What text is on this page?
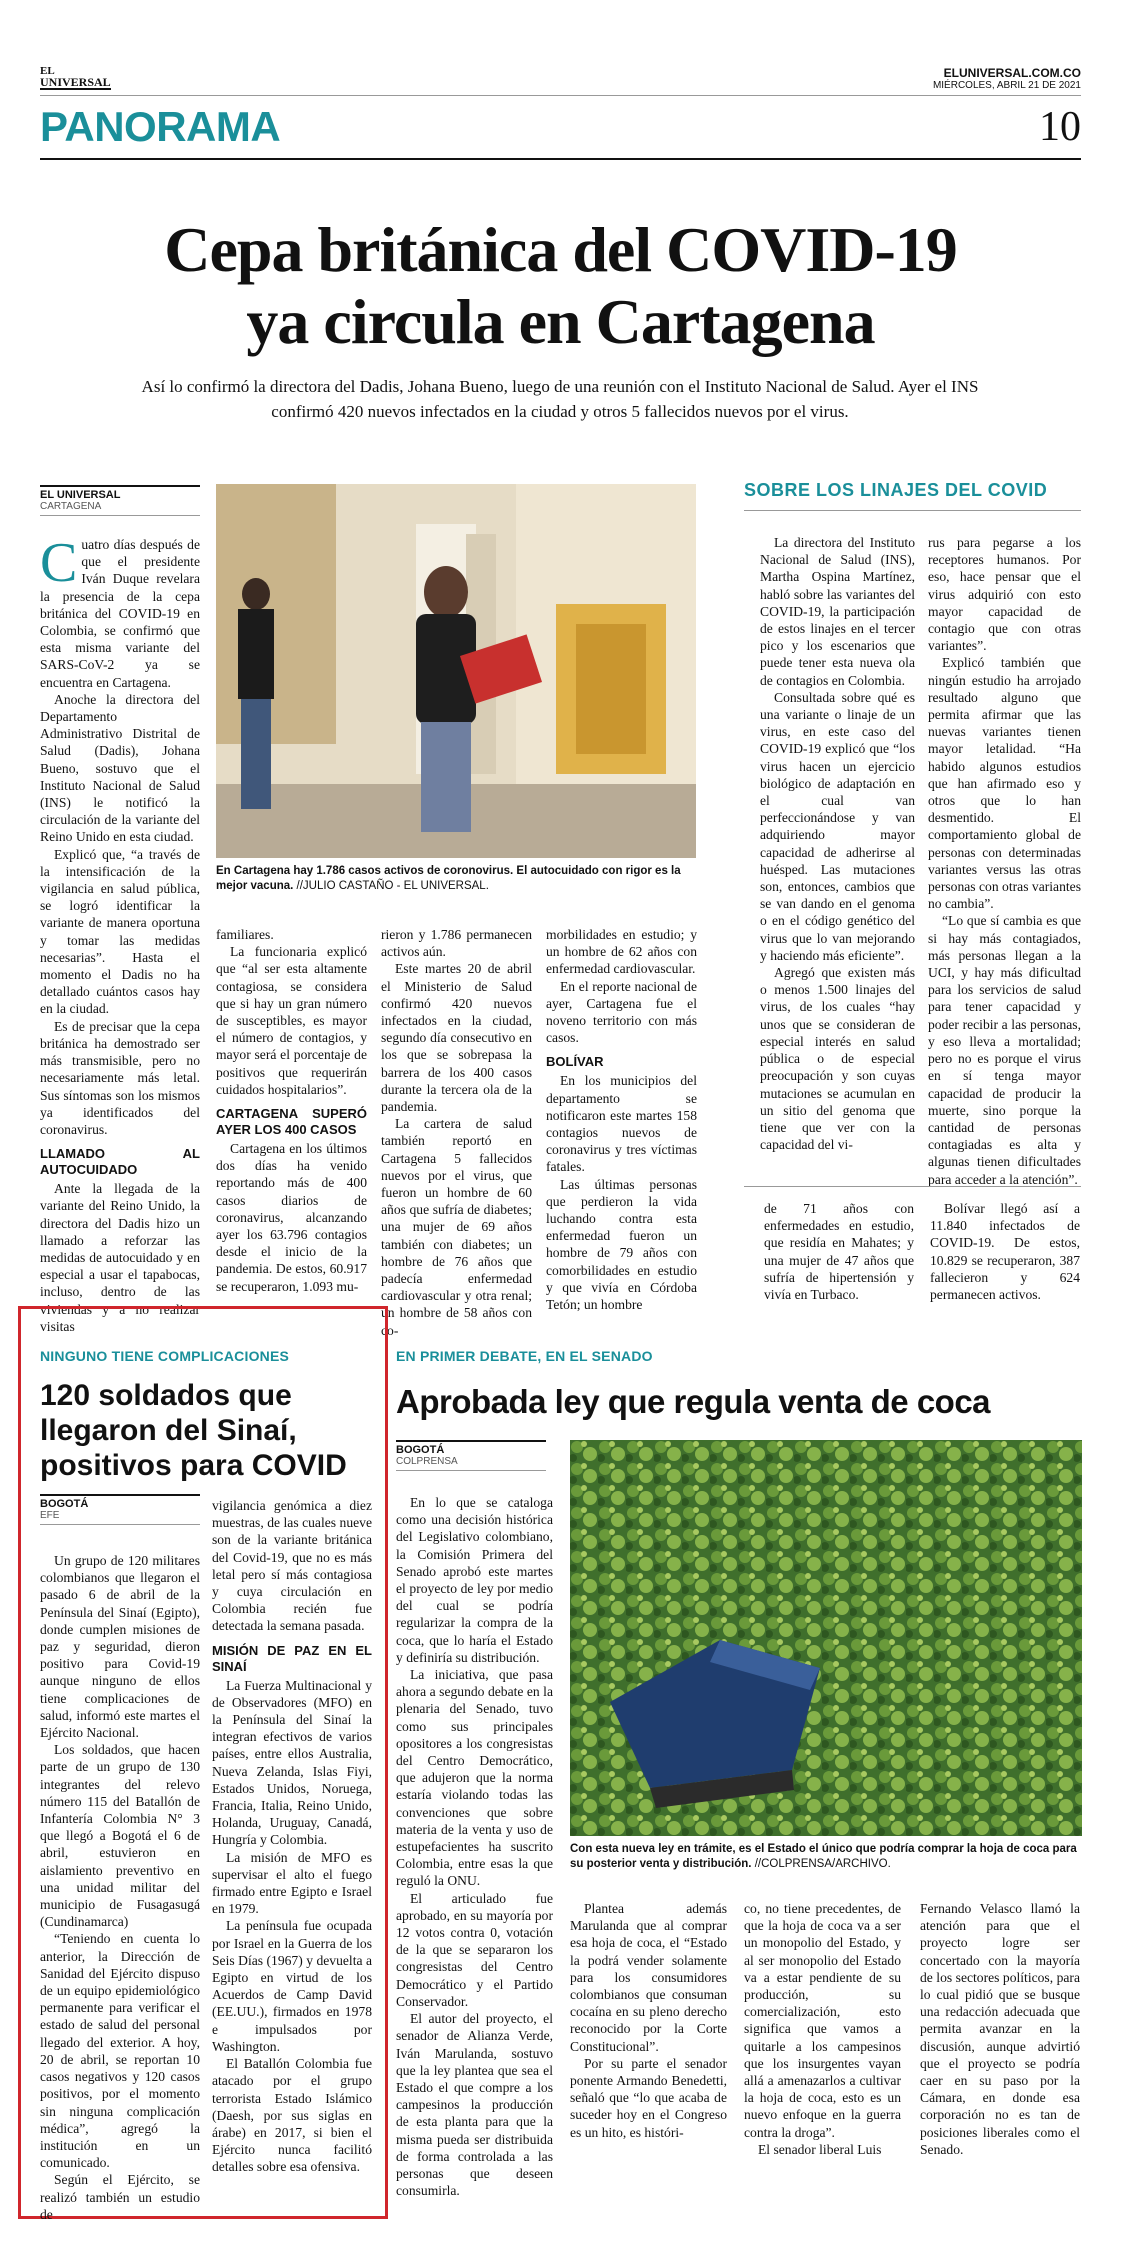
EL
UNIVERSAL
ELUNIVERSAL.COM.CO
MIÉRCOLES, ABRIL 21 DE 2021
PANORAMA	10
Cepa británica del COVID-19
ya circula en Cartagena
Así lo confirmó la directora del Dadis, Johana Bueno, luego de una reunión con el Instituto Nacional de Salud. Ayer el INS confirmó 420 nuevos infectados en la ciudad y otros 5 fallecidos nuevos por el virus.
EL UNIVERSAL
CARTAGENA

Cuatro días después de que el presidente Iván Duque revelara la presencia de la cepa británica del COVID-19 en Colombia, se confirmó que esta misma variante del SARS-CoV-2 ya se encuentra en Cartagena.

Anoche la directora del Departamento Administrativo Distrital de Salud (Dadis), Johana Bueno, sostuvo que el Instituto Nacional de Salud (INS) le notificó la circulación de la variante del Reino Unido en esta ciudad.

Explicó que, “a través de la intensificación de la vigilancia en salud pública, se logró identificar la variante de manera oportuna y tomar las medidas necesarias”. Hasta el momento el Dadis no ha detallado cuántos casos hay en la ciudad.

Es de precisar que la cepa británica ha demostrado ser más transmisible, pero no necesariamente más letal. Sus síntomas son los mismos ya identificados del coronavirus.

LLAMADO AL AUTOCUIDADO

Ante la llegada de la variante del Reino Unido, la directora del Dadis hizo un llamado a reforzar las medidas de autocuidado y en especial a usar el tapabocas, incluso, dentro de las viviendas y a no realizar visitas

En Cartagena hay 1.786 casos activos de coronovirus. El autocuidado con rigor es la mejor vacuna. //JULIO CASTAÑO - EL UNIVERSAL.

familiares.

La funcionaria explicó que “al ser esta altamente contagiosa, se considera que si hay un gran número de susceptibles, es mayor el número de contagios, y mayor será el porcentaje de positivos que requerirán cuidados hospitalarios”.

CARTAGENA SUPERÓ AYER LOS 400 CASOS

Cartagena en los últimos dos días ha venido reportando más de 400 casos diarios de coronavirus, alcanzando ayer los 63.796 contagios desde el inicio de la pandemia. De estos, 60.917 se recuperaron, 1.093 mu-

rieron y 1.786 permanecen activos aún.

Este martes 20 de abril el Ministerio de Salud confirmó 420 nuevos infectados en la ciudad, segundo día consecutivo en los que se sobrepasa la barrera de los 400 casos durante la tercera ola de la pandemia.

La cartera de salud también reportó en Cartagena 5 fallecidos nuevos por el virus, que fueron un hombre de 60 años que sufría de diabetes; una mujer de 69 años también con diabetes; un hombre de 76 años que padecía enfermedad cardiovascular y otra renal; un hombre de 58 años con co-

morbilidades en estudio; y un hombre de 62 años con enfermedad cardiovascular.

En el reporte nacional de ayer, Cartagena fue el noveno territorio con más casos.

BOLÍVAR

En los municipios del departamento se notificaron este martes 158 contagios nuevos de coronavirus y tres víctimas fatales.

Las últimas personas que perdieron la vida luchando contra esta enfermedad fueron un hombre de 79 años con comorbilidades en estudio y que vivía en Córdoba Tetón; un hombre

SOBRE LOS LINAJES DEL COVID

La directora del Instituto Nacional de Salud (INS), Martha Ospina Martínez, habló sobre las variantes del COVID-19, la participación de estos linajes en el tercer pico y los escenarios que puede tener esta nueva ola de contagios en Colombia.

Consultada sobre qué es una variante o linaje de un virus, en este caso del COVID-19 explicó que “los virus hacen un ejercicio biológico de adaptación en el cual van perfeccionándose y van adquiriendo mayor capacidad de adherirse al huésped. Las mutaciones son, entonces, cambios que se van dando en el genoma o en el código genético del virus que lo van mejorando y haciendo más eficiente”.

Agregó que existen más o menos 1.500 linajes del virus, de los cuales “hay unos que se consideran de especial interés en salud pública o de especial preocupación y son cuyas mutaciones se acumulan en un sitio del genoma que tiene que ver con la capacidad del vi-

rus para pegarse a los receptores humanos. Por eso, hace pensar que el virus adquirió con esto mayor capacidad de contagio que con otras variantes”.

Explicó también que ningún estudio ha arrojado resultado alguno que permita afirmar que las nuevas variantes tienen mayor letalidad. “Ha habido algunos estudios que han afirmado eso y otros que lo han desmentido. El comportamiento global de personas con determinadas variantes versus las otras personas con otras variantes no cambia”.

“Lo que sí cambia es que si hay más contagiados, más personas llegan a la UCI, y hay más dificultad para los servicios de salud para tener capacidad y poder recibir a las personas, y eso lleva a mortalidad; pero no es porque el virus en sí tenga mayor capacidad de producir la muerte, sino porque la cantidad de personas contagiadas es alta y algunas tienen dificultades para acceder a la atención”.

de 71 años con enfermedades en estudio, que residía en Mahates; y una mujer de 47 años que sufría de hipertensión y vivía en Turbaco.

Bolívar llegó así a 11.840 infectados de COVID-19. De estos, 10.829 se recuperaron, 387 fallecieron y 624 permanecen activos.

NINGUNO TIENE COMPLICACIONES
120 soldados que llegaron del Sinaí, positivos para COVID
BOGOTÁ
EFE

Un grupo de 120 militares colombianos que llegaron el pasado 6 de abril de la Península del Sinaí (Egipto), donde cumplen misiones de paz y seguridad, dieron positivo para Covid-19 aunque ninguno de ellos tiene complicaciones de salud, informó este martes el Ejército Nacional.

Los soldados, que hacen parte de un grupo de 130 integrantes del relevo número 115 del Batallón de Infantería Colombia N° 3 que llegó a Bogotá el 6 de abril, estuvieron en aislamiento preventivo en una unidad militar del municipio de Fusagasugá (Cundinamarca)

“Teniendo en cuenta lo anterior, la Dirección de Sanidad del Ejército dispuso de un equipo epidemiológico permanente para verificar el estado de salud del personal llegado del exterior. A hoy, 20 de abril, se reportan 10 casos negativos y 120 casos positivos, por el momento sin ninguna complicación médica”, agregó la institución en un comunicado.

Según el Ejército, se realizó también un estudio de

vigilancia genómica a diez muestras, de las cuales nueve son de la variante británica del Covid-19, que no es más letal pero sí más contagiosa y cuya circulación en Colombia recién fue detectada la semana pasada.

MISIÓN DE PAZ EN EL SINAÍ

La Fuerza Multinacional y de Observadores (MFO) en la Península del Sinaí la integran efectivos de varios países, entre ellos Australia, Nueva Zelanda, Islas Fiyi, Estados Unidos, Noruega, Francia, Italia, Reino Unido, Holanda, Uruguay, Canadá, Hungría y Colombia.

La misión de MFO es supervisar el alto el fuego firmado entre Egipto e Israel en 1979.

La península fue ocupada por Israel en la Guerra de los Seis Días (1967) y devuelta a Egipto en virtud de los Acuerdos de Camp David (EE.UU.), firmados en 1978 e impulsados por Washington.

El Batallón Colombia fue atacado por el grupo terrorista Estado Islámico (Daesh, por sus siglas en árabe) en 2017, si bien el Ejército nunca facilitó detalles sobre esa ofensiva.

EN PRIMER DEBATE, EN EL SENADO
Aprobada ley que regula venta de coca
BOGOTÁ
COLPRENSA

En lo que se cataloga como una decisión histórica del Legislativo colombiano, la Comisión Primera del Senado aprobó este martes el proyecto de ley por medio del cual se podría regularizar la compra de la coca, que lo haría el Estado y definiría su distribución.

La iniciativa, que pasa ahora a segundo debate en la plenaria del Senado, tuvo como sus principales opositores a los congresistas del Centro Democrático, que adujeron que la norma estaría violando todas las convenciones que sobre materia de la venta y uso de estupefacientes ha suscrito Colombia, entre esas la que reguló la ONU.

El articulado fue aprobado, en su mayoría por 12 votos contra 0, votación de la que se separaron los congresistas del Centro Democrático y el Partido Conservador.

El autor del proyecto, el senador de Alianza Verde, Iván Marulanda, sostuvo que la ley plantea que sea el Estado el que compre a los campesinos la producción de esta planta para que la misma pueda ser distribuida de forma controlada a las personas que deseen consumirla.

Con esta nueva ley en trámite, es el Estado el único que podría comprar la hoja de coca para su posterior venta y distribución. //COLPRENSA/ARCHIVO.

Plantea además Marulanda que al comprar esa hoja de coca, el “Estado la podrá vender solamente para los consumidores colombianos que consuman cocaína en su pleno derecho reconocido por la Corte Constitucional”.

Por su parte el senador ponente Armando Benedetti, señaló que “lo que acaba de suceder hoy en el Congreso es un hito, es históri-

co, no tiene precedentes, de que la hoja de coca va a ser un monopolio del Estado, y al ser monopolio del Estado va a estar pendiente de su producción, su comercialización, esto significa que vamos a quitarle a los campesinos que los insurgentes vayan allá a amenazarlos a cultivar la hoja de coca, esto es un nuevo enfoque en la guerra contra la droga”.

El senador liberal Luis

Fernando Velasco llamó la atención para que el proyecto logre ser concertado con la mayoría de los sectores políticos, para lo cual pidió que se busque una redacción adecuada que permita avanzar en la discusión, aunque advirtió que el proyecto se podría caer en su paso por la Cámara, en donde esa corporación no es tan de posiciones liberales como el Senado.
